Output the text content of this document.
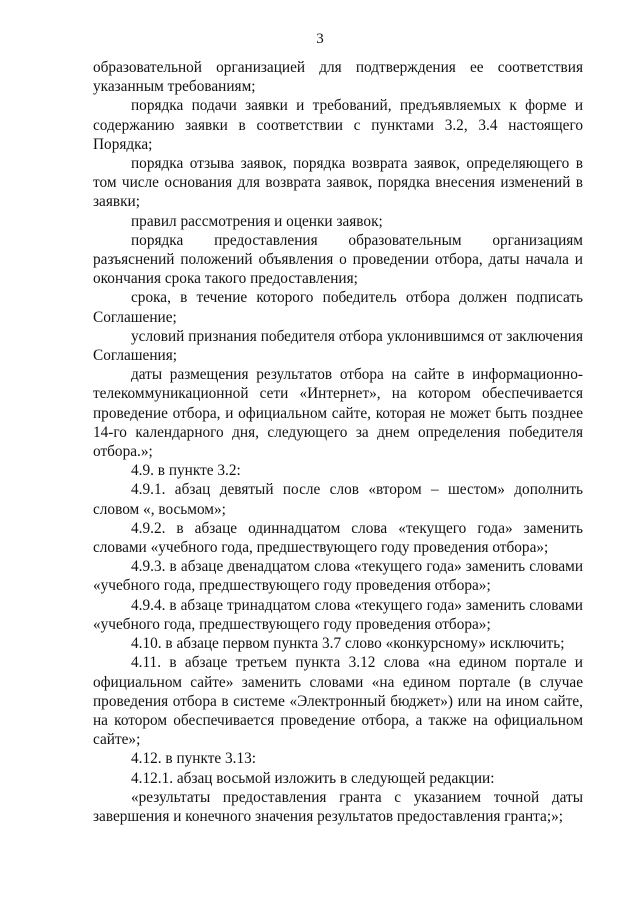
3

образовательной организацией для подтверждения ее соответствия указанным требованиям;

порядка подачи заявки и требований, предъявляемых к форме и содержанию заявки в соответствии с пунктами 3.2, 3.4 настоящего Порядка;

порядка отзыва заявок, порядка возврата заявок, определяющего в том числе основания для возврата заявок, порядка внесения изменений в заявки;

правил рассмотрения и оценки заявок;

порядка предоставления образовательным организациям разъяснений положений объявления о проведении отбора, даты начала и окончания срока такого предоставления;

срока, в течение которого победитель отбора должен подписать Соглашение;

условий признания победителя отбора уклонившимся от заключения Соглашения;

даты размещения результатов отбора на сайте в информационно-телекоммуникационной сети «Интернет», на котором обеспечивается проведение отбора, и официальном сайте, которая не может быть позднее 14-го календарного дня, следующего за днем определения победителя отбора.»;

4.9. в пункте 3.2:

4.9.1. абзац девятый после слов «втором – шестом» дополнить словом «, восьмом»;

4.9.2. в абзаце одиннадцатом слова «текущего года» заменить словами «учебного года, предшествующего году проведения отбора»;

4.9.3. в абзаце двенадцатом слова «текущего года» заменить словами «учебного года, предшествующего году проведения отбора»;

4.9.4. в абзаце тринадцатом слова «текущего года» заменить словами «учебного года, предшествующего году проведения отбора»;

4.10. в абзаце первом пункта 3.7 слово «конкурсному» исключить;

4.11. в абзаце третьем пункта 3.12 слова «на едином портале и официальном сайте» заменить словами «на едином портале (в случае проведения отбора в системе «Электронный бюджет») или на ином сайте, на котором обеспечивается проведение отбора, а также на официальном сайте»;

4.12. в пункте 3.13:

4.12.1. абзац восьмой изложить в следующей редакции:

«результаты предоставления гранта с указанием точной даты завершения и конечного значения результатов предоставления гранта;»;
